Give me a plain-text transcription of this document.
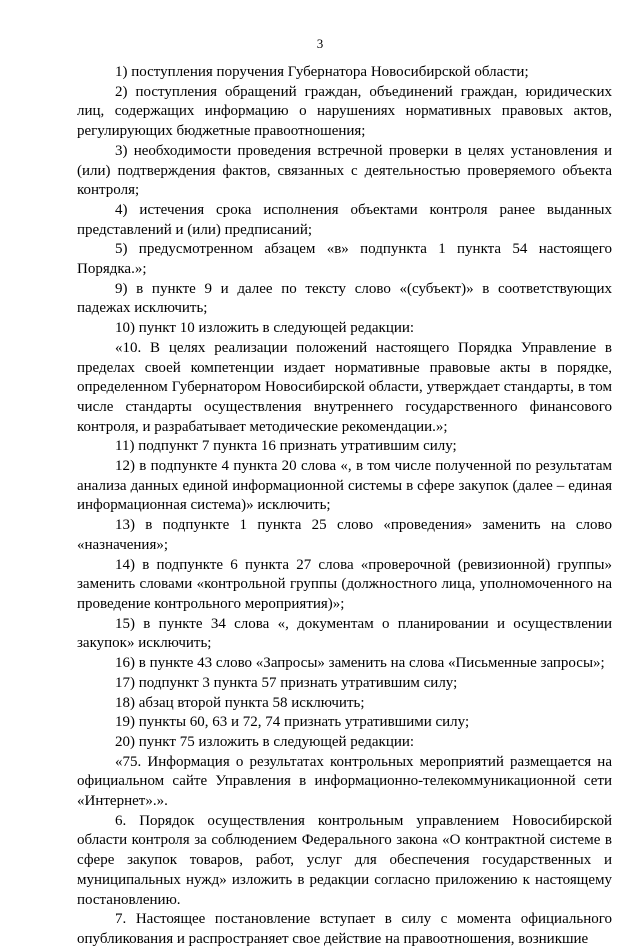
3

1) поступления поручения Губернатора Новосибирской области;

2) поступления обращений граждан, объединений граждан, юридических лиц, содержащих информацию о нарушениях нормативных правовых актов, регулирующих бюджетные правоотношения;

3) необходимости проведения встречной проверки в целях установления и (или) подтверждения фактов, связанных с деятельностью проверяемого объекта контроля;

4) истечения срока исполнения объектами контроля ранее выданных представлений и (или) предписаний;

5) предусмотренном абзацем «в» подпункта 1 пункта 54 настоящего Порядка.»;

9) в пункте 9 и далее по тексту слово «(субъект)» в соответствующих падежах исключить;

10) пункт 10 изложить в следующей редакции:

«10. В целях реализации положений настоящего Порядка Управление в пределах своей компетенции издает нормативные правовые акты в порядке, определенном Губернатором Новосибирской области, утверждает стандарты, в том числе стандарты осуществления внутреннего государственного финансового контроля, и разрабатывает методические рекомендации.»;

11) подпункт 7 пункта 16 признать утратившим силу;

12) в подпункте 4 пункта 20 слова «, в том числе полученной по результатам анализа данных единой информационной системы в сфере закупок (далее – единая информационная система)» исключить;

13) в подпункте 1 пункта 25 слово «проведения» заменить на слово «назначения»;

14) в подпункте 6 пункта 27 слова «проверочной (ревизионной) группы» заменить словами «контрольной группы (должностного лица, уполномоченного на проведение контрольного мероприятия)»;

15) в пункте 34 слова «, документам о планировании и осуществлении закупок» исключить;

16) в пункте 43 слово «Запросы» заменить на слова «Письменные запросы»;

17) подпункт 3 пункта 57 признать утратившим силу;

18) абзац второй пункта 58 исключить;

19) пункты 60, 63 и 72, 74 признать утратившими силу;

20) пункт 75 изложить в следующей редакции:

«75. Информация о результатах контрольных мероприятий размещается на официальном сайте Управления в информационно-телекоммуникационной сети «Интернет».».

6. Порядок осуществления контрольным управлением Новосибирской области контроля за соблюдением Федерального закона «О контрактной системе в сфере закупок товаров, работ, услуг для обеспечения государственных и муниципальных нужд» изложить в редакции согласно приложению к настоящему постановлению.

7. Настоящее постановление вступает в силу с момента официального опубликования и распространяет свое действие на правоотношения, возникшие
